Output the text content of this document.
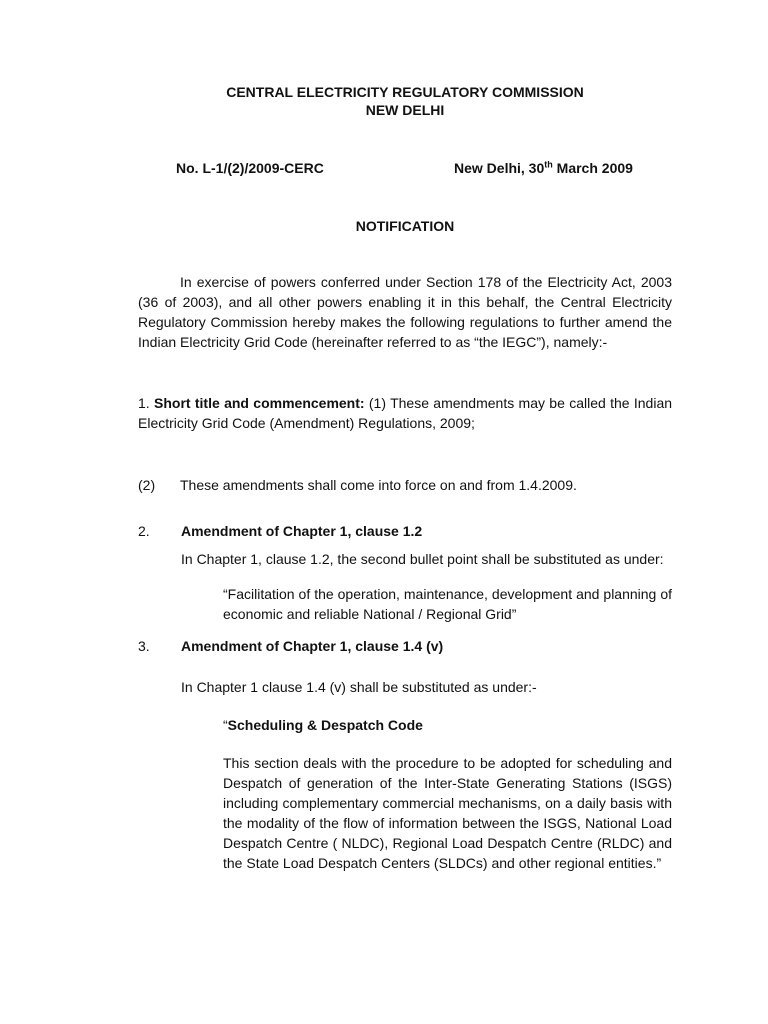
CENTRAL ELECTRICITY REGULATORY COMMISSION
NEW DELHI
No. L-1/(2)/2009-CERC	New Delhi, 30th March 2009
NOTIFICATION
In exercise of powers conferred under Section 178 of the Electricity Act, 2003 (36 of 2003), and all other powers enabling it in this behalf, the Central Electricity Regulatory Commission hereby makes the following regulations to further amend the Indian Electricity Grid Code (hereinafter referred to as “the IEGC”), namely:-
1. Short title and commencement: (1) These amendments may be called the Indian Electricity Grid Code (Amendment) Regulations, 2009;
(2) These amendments shall come into force on and from 1.4.2009.
2. Amendment of Chapter 1, clause 1.2
In Chapter 1, clause 1.2, the second bullet point shall be substituted as under:
“Facilitation of the operation, maintenance, development and planning of economic and reliable National / Regional Grid”
3. Amendment of Chapter 1, clause 1.4 (v)
In Chapter 1 clause 1.4 (v) shall be substituted as under:-
“Scheduling & Despatch Code
This section deals with the procedure to be adopted for scheduling and Despatch of generation of the Inter-State Generating Stations (ISGS) including complementary commercial mechanisms, on a daily basis with the modality of the flow of information between the ISGS, National Load Despatch Centre ( NLDC), Regional Load Despatch Centre (RLDC) and the State Load Despatch Centers (SLDCs) and other regional entities.”
